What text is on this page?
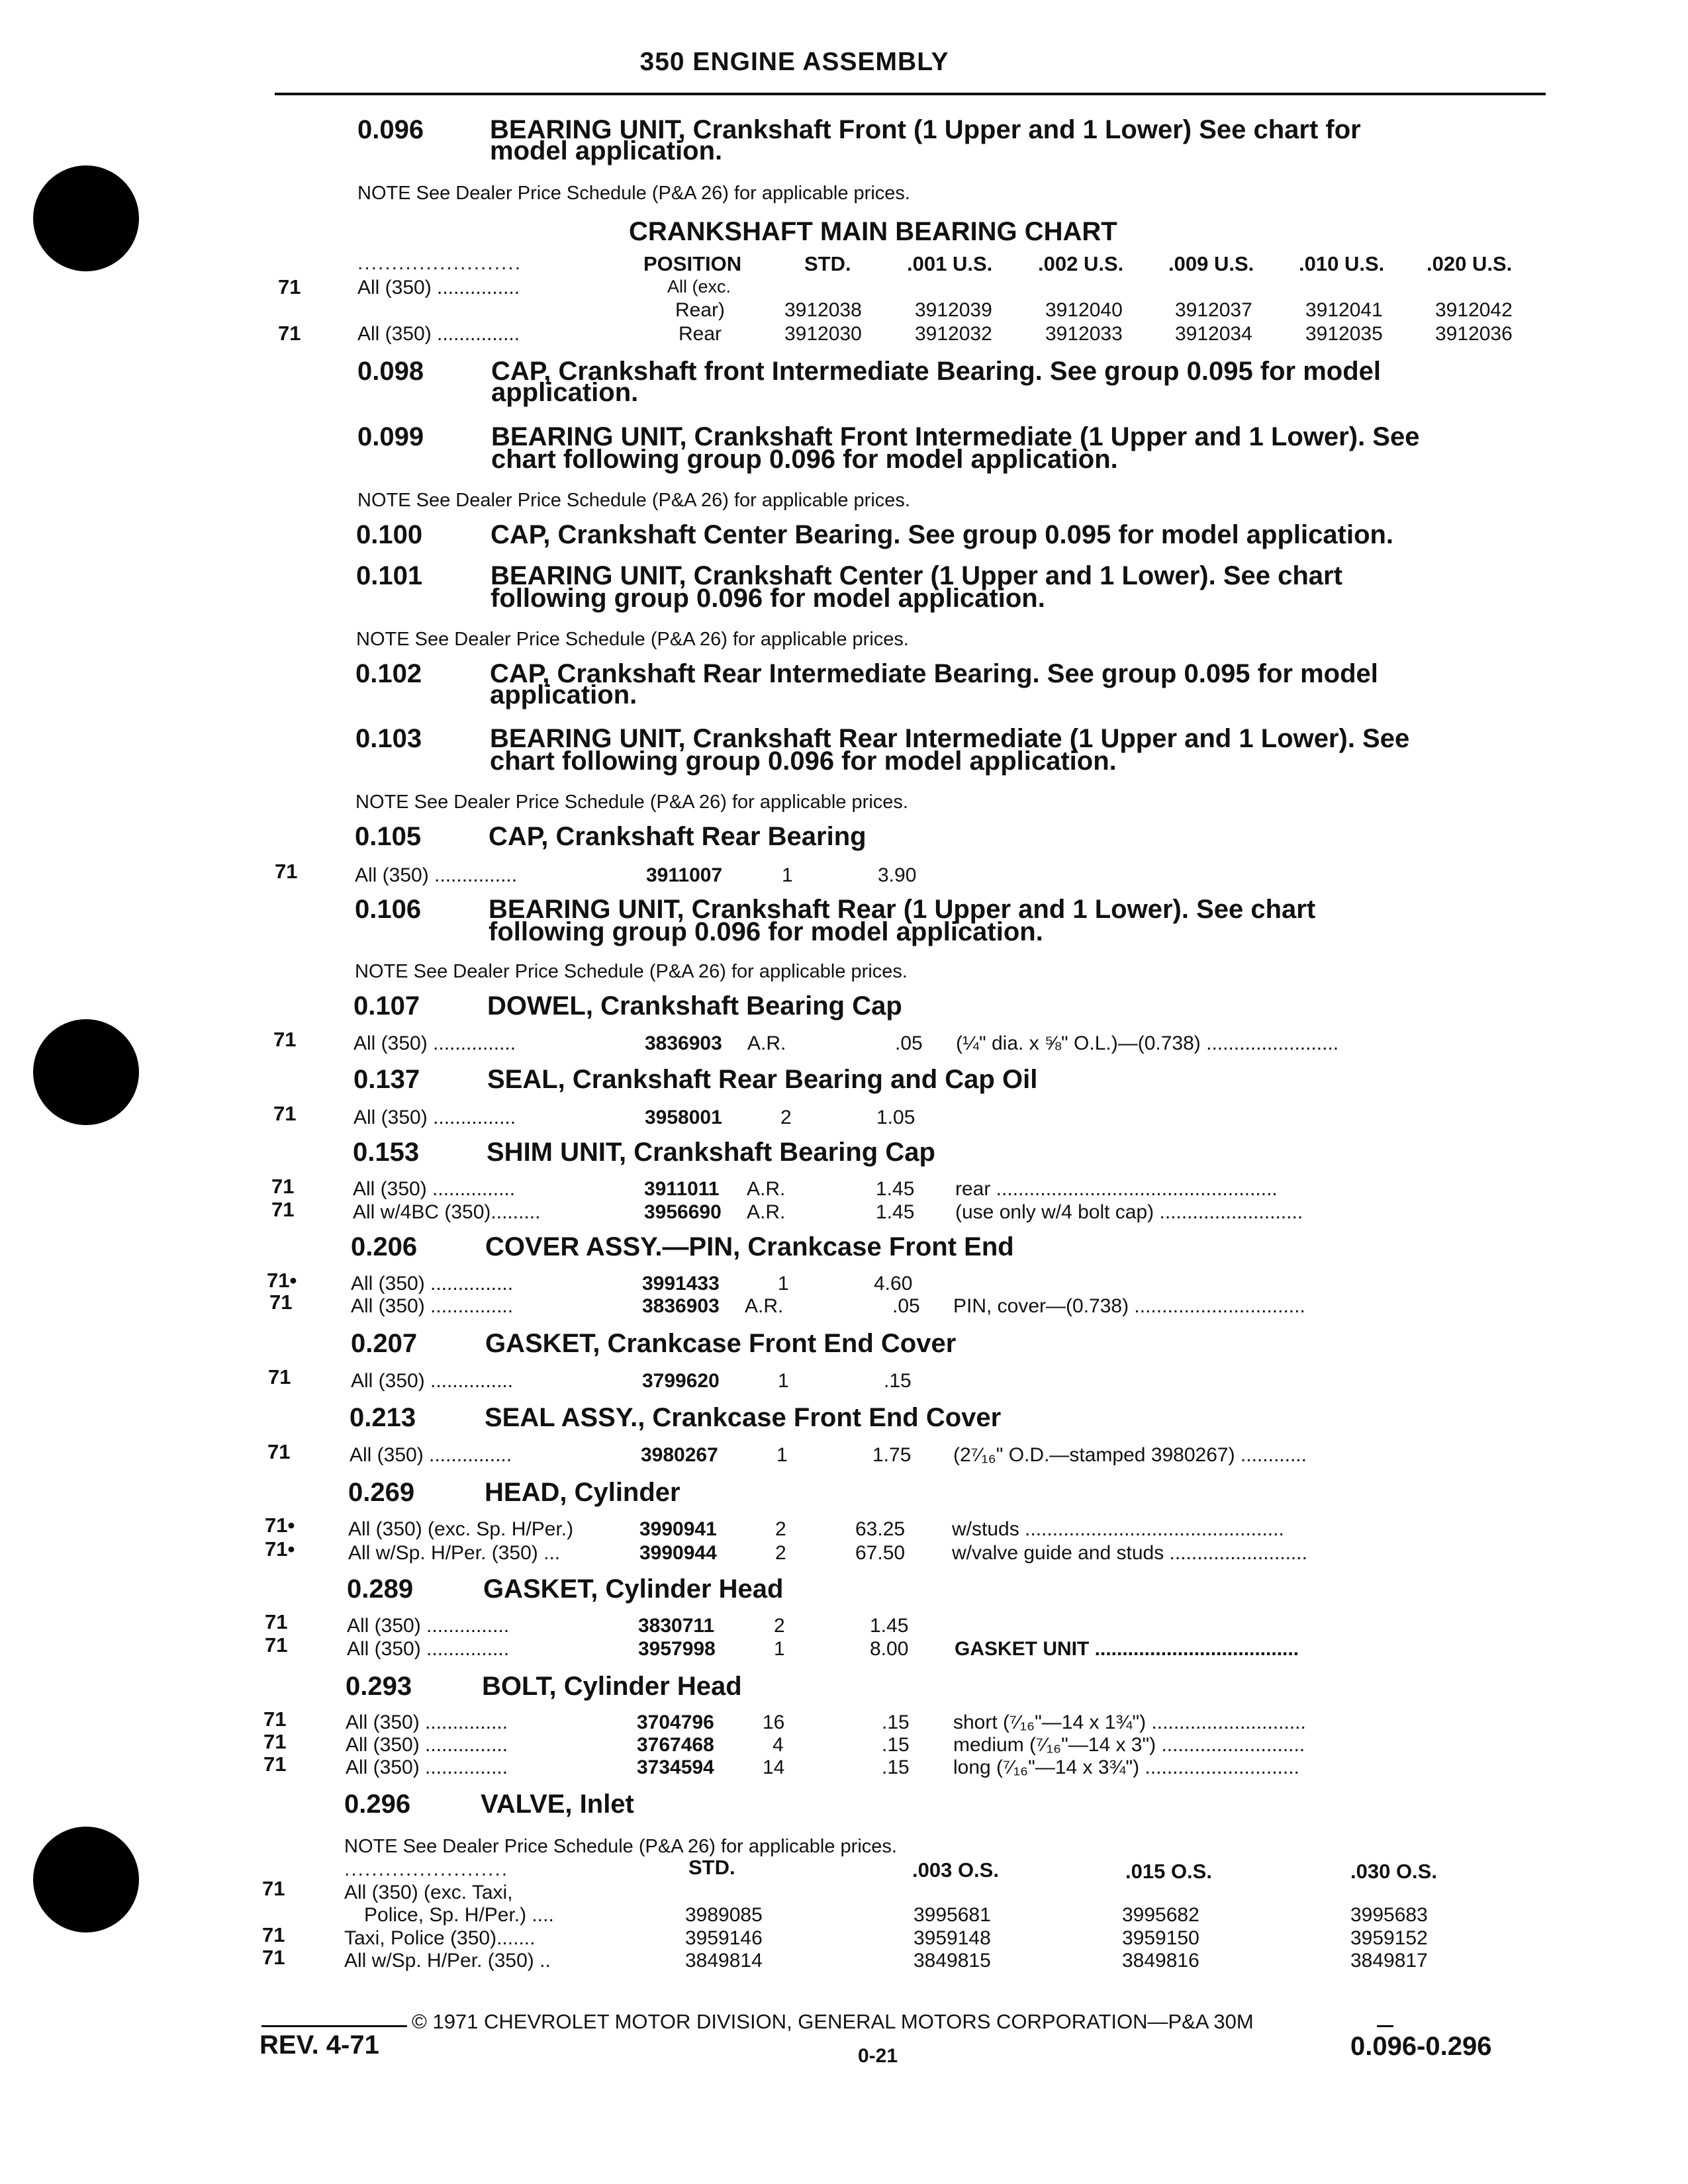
350 ENGINE ASSEMBLY
0.096 BEARING UNIT, Crankshaft Front (1 Upper and 1 Lower) See chart for
model application.
NOTE See Dealer Price Schedule (P&A 26) for applicable prices.
CRANKSHAFT MAIN BEARING CHART
........................	POSITION	STD.	.001 U.S. .002 U.S. .009 U.S. .010 U.S. .020 U.S.
71	All (350) ...............	All (exc.
Rear)	3912038	3912039	3912040	3912037	3912041	3912042
71	All (350) ...............	Rear	3912030	3912032	3912033	3912034	3912035	3912036
0.098	CAP, Crankshaft front Intermediate Bearing. See group 0.095 for model
application.
0.099	BEARING UNIT, Crankshaft Front Intermediate (1 Upper and 1 Lower). See
chart following group 0.096 for model application.
NOTE See Dealer Price Schedule (P&A 26) for applicable prices.
0.100	CAP, Crankshaft Center Bearing. See group 0.095 for model application.
0.101	BEARING UNIT, Crankshaft Center (1 Upper and 1 Lower). See chart
following group 0.096 for model application.
NOTE See Dealer Price Schedule (P&A 26) for applicable prices.
0.102	CAP, Crankshaft Rear Intermediate Bearing. See group 0.095 for model
application.
0.103	BEARING UNIT, Crankshaft Rear Intermediate (1 Upper and 1 Lower). See
chart following group 0.096 for model application.
NOTE See Dealer Price Schedule (P&A 26) for applicable prices.
0.105	CAP, Crankshaft Rear Bearing
71	All (350) ...............	3911007	1	3.90
0.106	BEARING UNIT, Crankshaft Rear (1 Upper and 1 Lower). See chart
following group 0.096 for model application.
NOTE See Dealer Price Schedule (P&A 26) for applicable prices.
0.107	DOWEL, Crankshaft Bearing Cap
71	All (350) ...............	3836903 A.R.	.05 (¼" dia. x ⅝" O.L.)—(0.738) ........................
0.137	SEAL, Crankshaft Rear Bearing and Cap Oil
71	All (350) ...............	3958001	2	1.05
0.153	SHIM UNIT, Crankshaft Bearing Cap
71	All (350) ...............	3911011 A.R.	1.45 rear ...................................................
71	All w/4BC (350).........	3956690 A.R.	1.45 (use only w/4 bolt cap) ..........................
0.206	COVER ASSY.—PIN, Crankcase Front End
71•	All (350) ...............	3991433	1	4.60
71	All (350) ...............	3836903 A.R.	.05 PIN, cover—(0.738) ...............................
0.207	GASKET, Crankcase Front End Cover
71	All (350) ...............	3799620	1	.15
0.213	SEAL ASSY., Crankcase Front End Cover
71	All (350) ...............	3980267	1	1.75 (2⁷⁄₁₆" O.D.—stamped 3980267) ............
0.269	HEAD, Cylinder
71•	All (350) (exc. Sp. H/Per.)	3990941	2	63.25 w/studs ...............................................
71•	All w/Sp. H/Per. (350) ...	3990944	2	67.50 w/valve guide and studs .........................
0.289	GASKET, Cylinder Head
71	All (350) ...............	3830711	2	1.45
71	All (350) ...............	3957998	1	8.00 GASKET UNIT .....................................
0.293	BOLT, Cylinder Head
71	All (350) ...............	3704796 16	.15 short (⁷⁄₁₆"—14 x 1¾") ............................
71	All (350) ...............	3767468	4	.15 medium (⁷⁄₁₆"—14 x 3") ..........................
71	All (350) ...............	3734594 14	.15 long (⁷⁄₁₆"—14 x 3¾") ............................
0.296	VALVE, Inlet
NOTE See Dealer Price Schedule (P&A 26) for applicable prices.
........................	STD.	.003 O.S.	.015 O.S.	.030 O.S.
71	All (350) (exc. Taxi,
Police, Sp. H/Per.) ....	3989085	3995681	3995682	3995683
71	Taxi, Police (350).......	3959146	3959148	3959150	3959152
71	All w/Sp. H/Per. (350) ..	3849814	3849815	3849816	3849817
© 1971 CHEVROLET MOTOR DIVISION, GENERAL MOTORS CORPORATION—P&A 30M
REV. 4-71	0-21	0.096-0.296
